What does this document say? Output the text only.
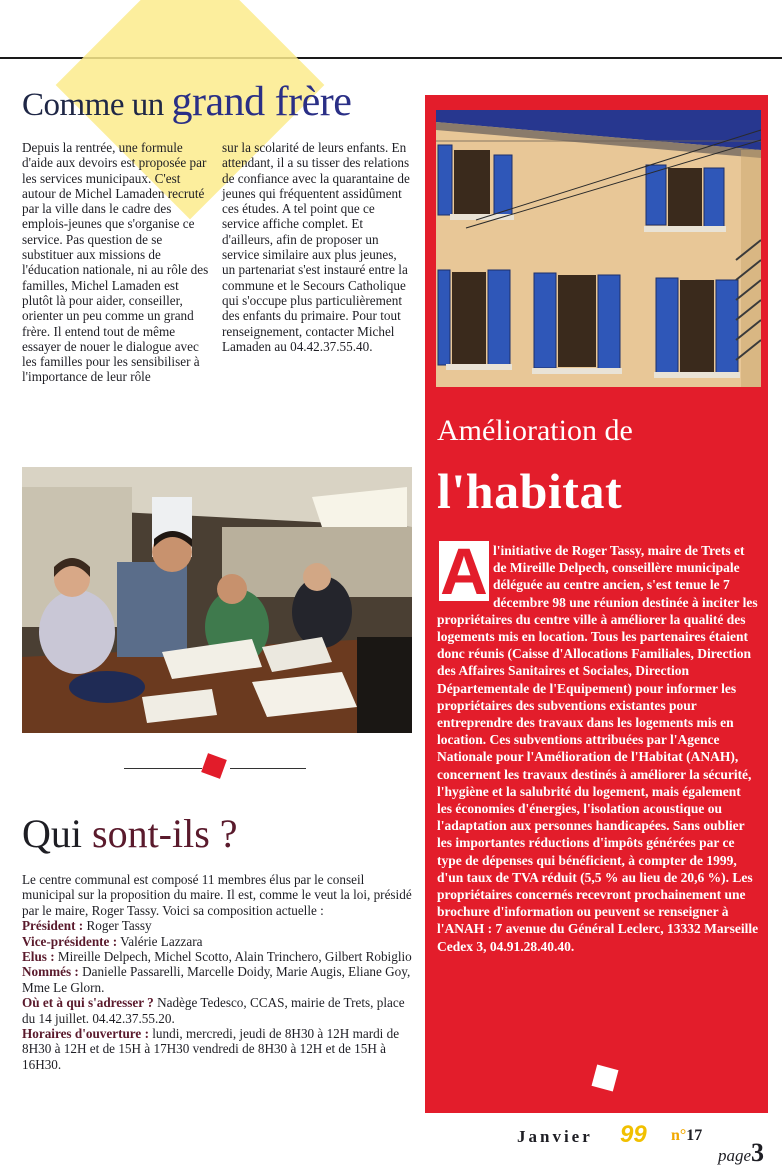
Comme un grand frère

Depuis la rentrée, une formule d'aide aux devoirs est proposée par les services municipaux. C'est autour de Michel Lamaden recruté par la ville dans le cadre des emplois-jeunes que s'organise ce service. Pas question de se substituer aux missions de l'éducation nationale, ni au rôle des familles, Michel Lamaden est plutôt là pour aider, conseiller, orienter un peu comme un grand frère. Il entend tout de même essayer de nouer le dialogue avec les familles pour les sensibiliser à l'importance de leur rôle

sur la scolarité de leurs enfants. En attendant, il a su tisser des relations de confiance avec la quarantaine de jeunes qui fréquentent assidûment ces études. A tel point que ce service affiche complet. Et d'ailleurs, afin de proposer un service similaire aux plus jeunes, un partenariat s'est instauré entre la commune et le Secours Catholique qui s'occupe plus particulièrement des enfants du primaire. Pour tout renseignement, contacter Michel Lamaden au 04.42.37.55.40.

Qui sont-ils ?

Le centre communal est composé 11 membres élus par le conseil municipal sur la proposition du maire. Il est, comme le veut la loi, présidé par le maire, Roger Tassy. Voici sa composition actuelle :
Président : Roger Tassy
Vice-présidente : Valérie Lazzara
Elus : Mireille Delpech, Michel Scotto, Alain Trinchero, Gilbert Robiglio
Nommés : Danielle Passarelli, Marcelle Doidy, Marie Augis, Eliane Goy, Mme Le Glorn.
Où et à qui s'adresser ? Nadège Tedesco, CCAS, mairie de Trets, place du 14 juillet. 04.42.37.55.20.
Horaires d'ouverture : lundi, mercredi, jeudi de 8H30 à 12H mardi de 8H30 à 12H et de 15H à 17H30 vendredi de 8H30 à 12H et de 15H à 16H30.

Amélioration de
l'habitat

l'initiative de Roger Tassy, maire de Trets et de Mireille Delpech, conseillère municipale déléguée au centre ancien, s'est tenue le 7 décembre 98 une réunion destinée à inciter les propriétaires du centre ville à améliorer la qualité des logements mis en location. Tous les partenaires étaient donc réunis (Caisse d'Allocations Familiales, Direction des Affaires Sanitaires et Sociales, Direction Départementale de l'Equipement) pour informer les propriétaires des subventions existantes pour entreprendre des travaux dans les logements mis en location. Ces subventions attribuées par l'Agence Nationale pour l'Amélioration de l'Habitat (ANAH), concernent les travaux destinés à améliorer la sécurité, l'hygiène et la salubrité du logement, mais également les économies d'énergies, l'isolation acoustique ou l'adaptation aux personnes handicapées. Sans oublier les importantes réductions d'impôts générées par ce type de dépenses qui bénéficient, à compter de 1999, d'un taux de TVA réduit (5,5 % au lieu de 20,6 %). Les propriétaires concernés recevront prochainement une brochure d'information ou peuvent se renseigner à l'ANAH : 7 avenue du Général Leclerc, 13332 Marseille Cedex 3, 04.91.28.40.40.

A
Janvier 99 n°17
page3
